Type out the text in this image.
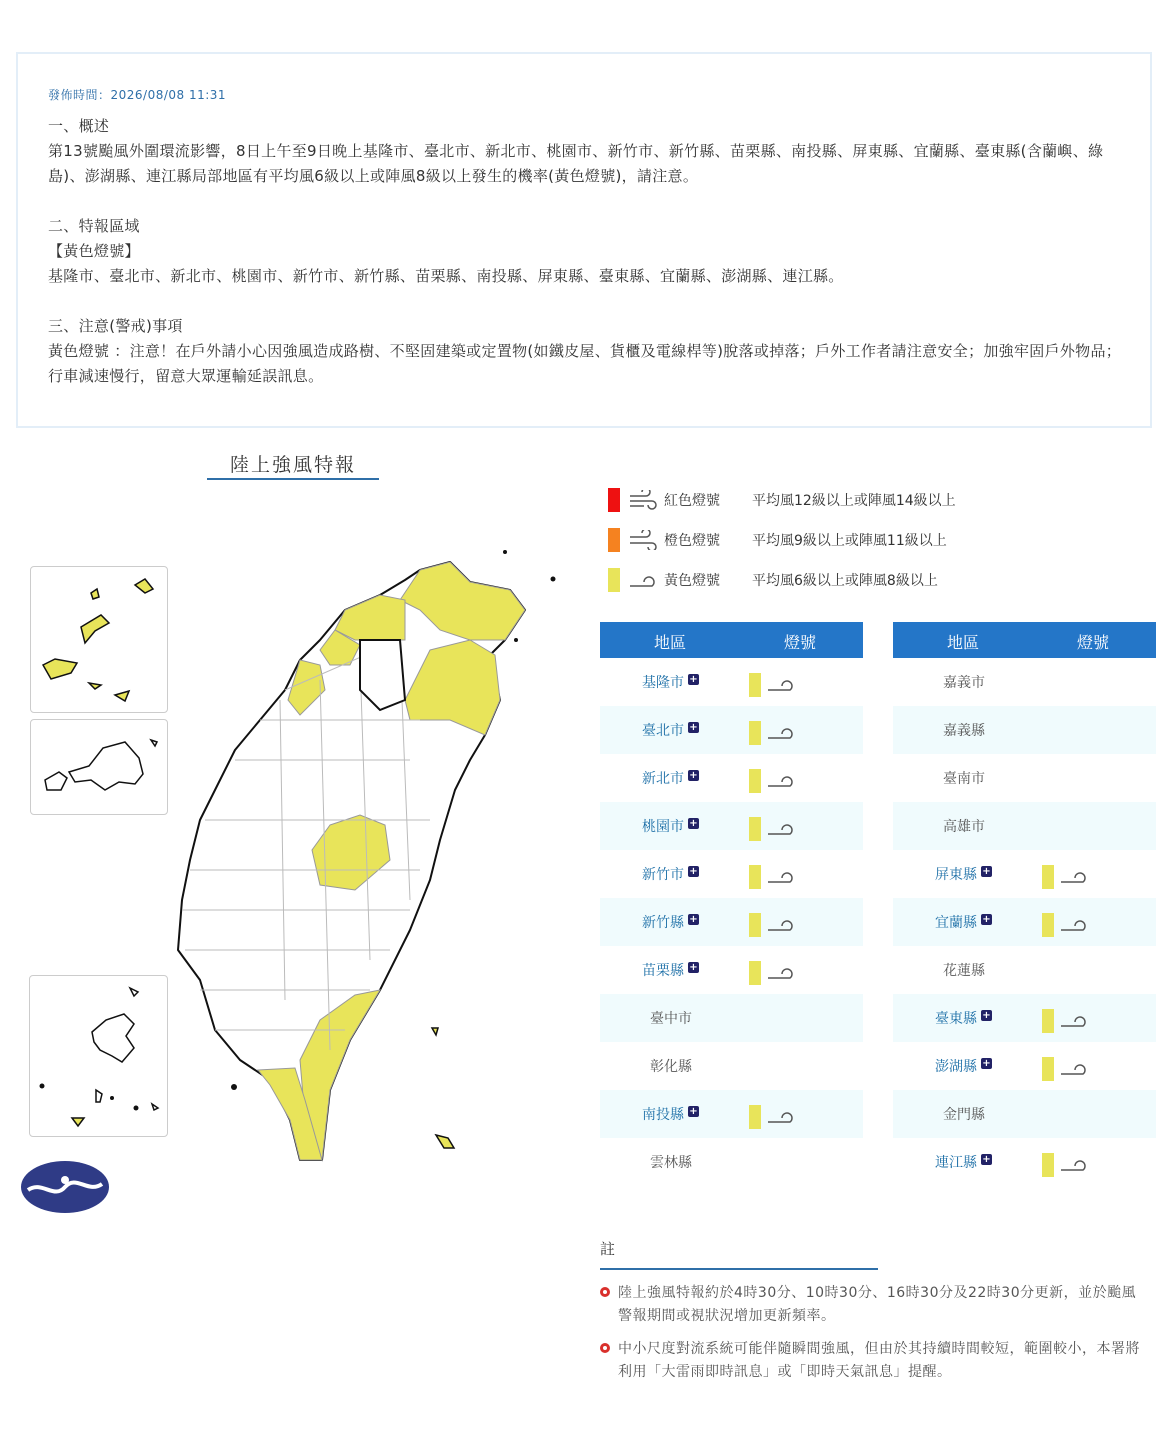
發佈時間：2026/08/08 11:31

一、概述

第13號颱風外圍環流影響，8日上午至9日晚上基隆市、臺北市、新北市、桃園市、新竹市、新竹縣、苗栗縣、南投縣、屏東縣、宜蘭縣、臺東縣(含蘭嶼、綠島)、澎湖縣、連江縣局部地區有平均風6級以上或陣風8級以上發生的機率(黃色燈號)，請注意。

二、特報區域

【黃色燈號】

基隆市、臺北市、新北市、桃園市、新竹市、新竹縣、苗栗縣、南投縣、屏東縣、臺東縣、宜蘭縣、澎湖縣、連江縣。

三、注意(警戒)事項

黃色燈號 ：注意！在戶外請小心因強風造成路樹、不堅固建築或定置物(如鐵皮屋、貨櫃及電線桿等)脫落或掉落；戶外工作者請注意安全；加強牢固戶外物品；行車減速慢行，留意大眾運輸延誤訊息。

陸上強風特報
紅色燈號 平均風12級以上或陣風14級以上
橙色燈號 平均風9級以上或陣風11級以上
黃色燈號 平均風6級以上或陣風8級以上
地區	燈號
基隆市 +
臺北市 +
新北市 +
桃園市 +
新竹市 +
新竹縣 +
苗栗縣 +
臺中市
彰化縣
南投縣 +
雲林縣
地區	燈號
嘉義市
嘉義縣
臺南市
高雄市
屏東縣 +
宜蘭縣 +
花蓮縣
臺東縣 +
澎湖縣 +
金門縣
連江縣 +
註
陸上強風特報約於4時30分、10時30分、16時30分及22時30分更新，並於颱風警報期間或視狀況增加更新頻率。
中小尺度對流系統可能伴隨瞬間強風，但由於其持續時間較短，範圍較小，本署將利用「大雷雨即時訊息」或「即時天氣訊息」提醒。
